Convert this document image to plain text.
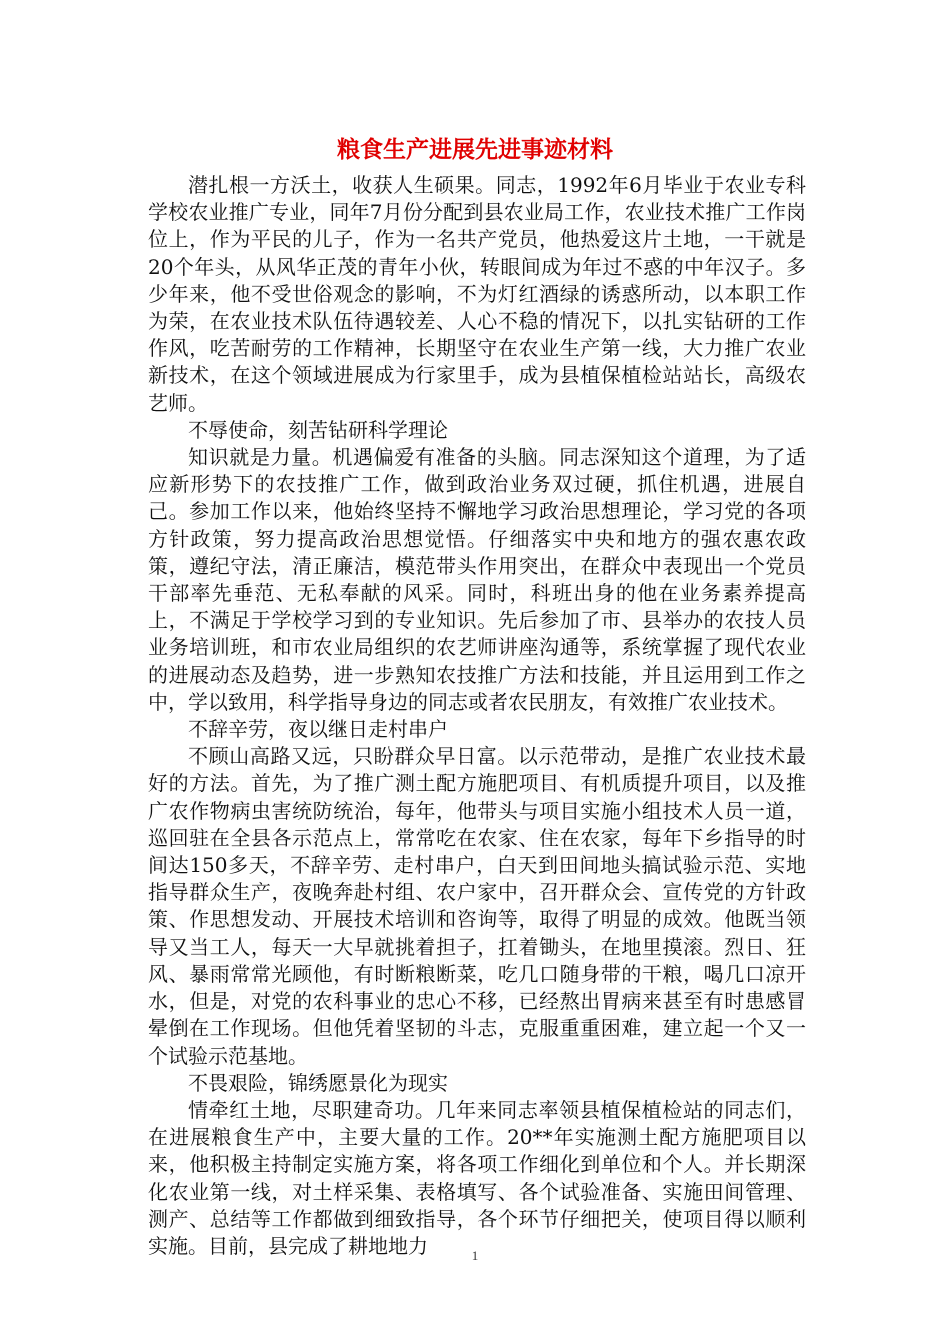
粮食生产进展先进事迹材料

潜扎根一方沃土，收获人生硕果。同志，1992年6月毕业于农业专科学校农业推广专业，同年7月份分配到县农业局工作，农业技术推广工作岗位上，作为平民的儿子，作为一名共产党员，他热爱这片土地，一干就是20个年头，从风华正茂的青年小伙，转眼间成为年过不惑的中年汉子。多少年来，他不受世俗观念的影响，不为灯红酒绿的诱惑所动，以本职工作为荣，在农业技术队伍待遇较差、人心不稳的情况下，以扎实钻研的工作作风，吃苦耐劳的工作精神，长期坚守在农业生产第一线，大力推广农业新技术，在这个领域进展成为行家里手，成为县植保植检站站长，高级农艺师。

不辱使命，刻苦钻研科学理论

知识就是力量。机遇偏爱有准备的头脑。同志深知这个道理，为了适应新形势下的农技推广工作，做到政治业务双过硬，抓住机遇，进展自己。参加工作以来，他始终坚持不懈地学习政治思想理论，学习党的各项方针政策，努力提高政治思想觉悟。仔细落实中央和地方的强农惠农政策，遵纪守法，清正廉洁，模范带头作用突出，在群众中表现出一个党员干部率先垂范、无私奉献的风采。同时，科班出身的他在业务素养提高上，不满足于学校学习到的专业知识。先后参加了市、县举办的农技人员业务培训班，和市农业局组织的农艺师讲座沟通等，系统掌握了现代农业的进展动态及趋势，进一步熟知农技推广方法和技能，并且运用到工作之中，学以致用，科学指导身边的同志或者农民朋友，有效推广农业技术。

不辞辛劳，夜以继日走村串户

不顾山高路又远，只盼群众早日富。以示范带动，是推广农业技术最好的方法。首先，为了推广测土配方施肥项目、有机质提升项目，以及推广农作物病虫害统防统治，每年，他带头与项目实施小组技术人员一道，巡回驻在全县各示范点上，常常吃在农家、住在农家，每年下乡指导的时间达150多天，不辞辛劳、走村串户，白天到田间地头搞试验示范、实地指导群众生产，夜晚奔赴村组、农户家中，召开群众会、宣传党的方针政策、作思想发动、开展技术培训和咨询等，取得了明显的成效。他既当领导又当工人，每天一大早就挑着担子，扛着锄头，在地里摸滚。烈日、狂风、暴雨常常光顾他，有时断粮断菜，吃几口随身带的干粮，喝几口凉开水，但是，对党的农科事业的忠心不移，已经熬出胃病来甚至有时患感冒晕倒在工作现场。但他凭着坚韧的斗志，克服重重困难，建立起一个又一个试验示范基地。

不畏艰险，锦绣愿景化为现实

情牵红土地，尽职建奇功。几年来同志率领县植保植检站的同志们，在进展粮食生产中，主要大量的工作。20**年实施测土配方施肥项目以来，他积极主持制定实施方案，将各项工作细化到单位和个人。并长期深化农业第一线，对土样采集、表格填写、各个试验准备、实施田间管理、测产、总结等工作都做到细致指导，各个环节仔细把关，使项目得以顺利实施。目前，县完成了耕地地力	1
